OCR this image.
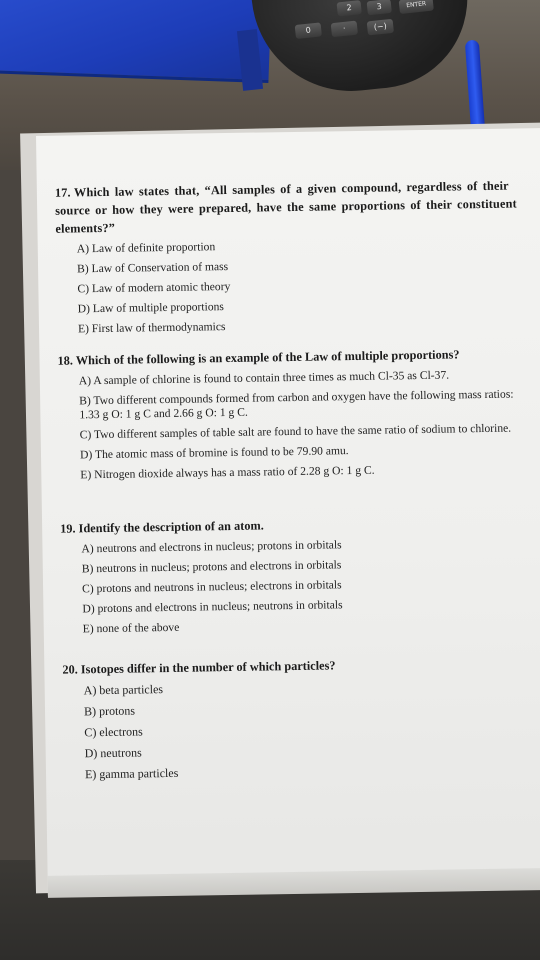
0	·
2	3	ENTER
(−)

17. Which law states that, “All samples of a given compound, regardless of their source or how they were prepared, have the same proportions of their constituent elements?”

A) Law of definite proportion
B) Law of Conservation of mass
C) Law of modern atomic theory
D) Law of multiple proportions
E) First law of thermodynamics

18. Which of the following is an example of the Law of multiple proportions?

A) A sample of chlorine is found to contain three times as much Cl-35 as Cl-37.
B) Two different compounds formed from carbon and oxygen have the following mass ratios: 1.33 g O: 1 g C and 2.66 g O: 1 g C.
C) Two different samples of table salt are found to have the same ratio of sodium to chlorine.
D) The atomic mass of bromine is found to be 79.90 amu.
E) Nitrogen dioxide always has a mass ratio of 2.28 g O: 1 g C.

19. Identify the description of an atom.

A) neutrons and electrons in nucleus; protons in orbitals
B) neutrons in nucleus; protons and electrons in orbitals
C) protons and neutrons in nucleus; electrons in orbitals
D) protons and electrons in nucleus; neutrons in orbitals
E) none of the above

20. Isotopes differ in the number of which particles?

A) beta particles
B) protons
C) electrons
D) neutrons
E) gamma particles
